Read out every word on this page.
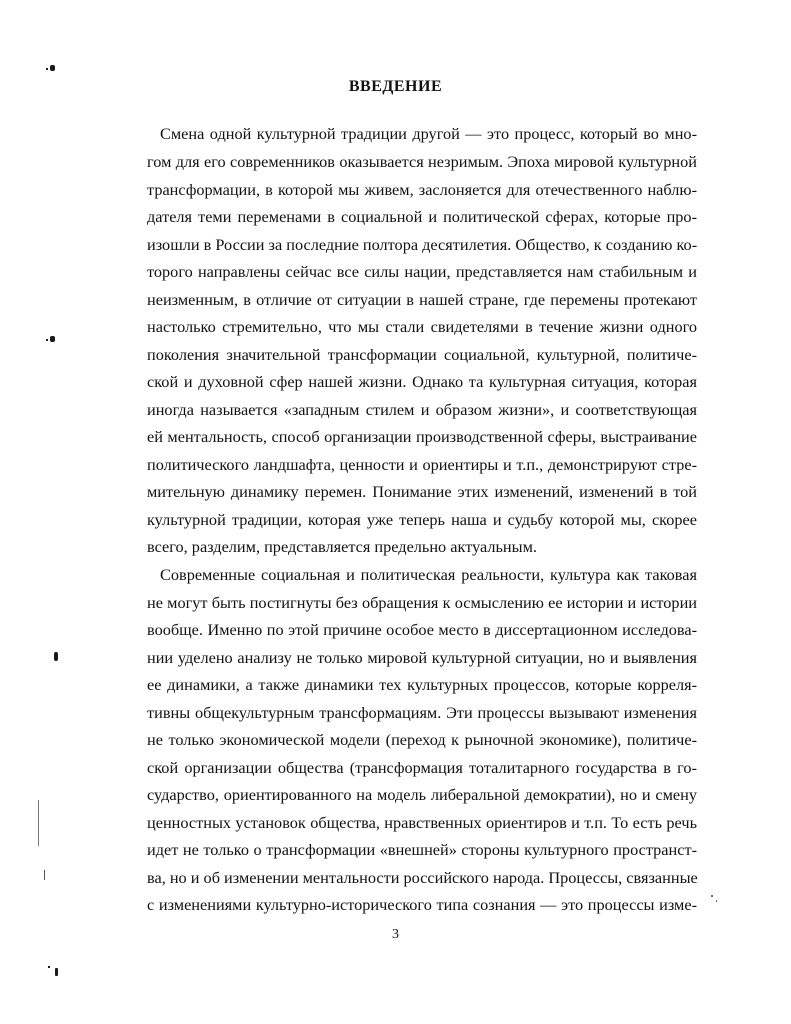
ВВЕДЕНИЕ
Смена одной культурной традиции другой — это процесс, который во мно-
гом для его современников оказывается незримым. Эпоха мировой культурной
трансформации, в которой мы живем, заслоняется для отечественного наблю-
дателя теми переменами в социальной и политической сферах, которые про-
изошли в России за последние полтора десятилетия. Общество, к созданию ко-
торого направлены сейчас все силы нации, представляется нам стабильным и
неизменным, в отличие от ситуации в нашей стране, где перемены протекают
настолько стремительно, что мы стали свидетелями в течение жизни одного
поколения значительной трансформации социальной, культурной, политиче-
ской и духовной сфер нашей жизни. Однако та культурная ситуация, которая
иногда называется «западным стилем и образом жизни», и соответствующая
ей ментальность, способ организации производственной сферы, выстраивание
политического ландшафта, ценности и ориентиры и т.п., демонстрируют стре-
мительную динамику перемен. Понимание этих изменений, изменений в той
культурной традиции, которая уже теперь наша и судьбу которой мы, скорее
всего, разделим, представляется предельно актуальным.
Современные социальная и политическая реальности, культура как таковая
не могут быть постигнуты без обращения к осмыслению ее истории и истории
вообще. Именно по этой причине особое место в диссертационном исследова-
нии уделено анализу не только мировой культурной ситуации, но и выявления
ее динамики, а также динамики тех культурных процессов, которые корреля-
тивны общекультурным трансформациям. Эти процессы вызывают изменения
не только экономической модели (переход к рыночной экономике), политиче-
ской организации общества (трансформация тоталитарного государства в го-
сударство, ориентированного на модель либеральной демократии), но и смену
ценностных установок общества, нравственных ориентиров и т.п. То есть речь
идет не только о трансформации «внешней» стороны культурного пространст-
ва, но и об изменении ментальности российского народа. Процессы, связанные
с изменениями культурно-исторического типа сознания — это процессы изме-
3
